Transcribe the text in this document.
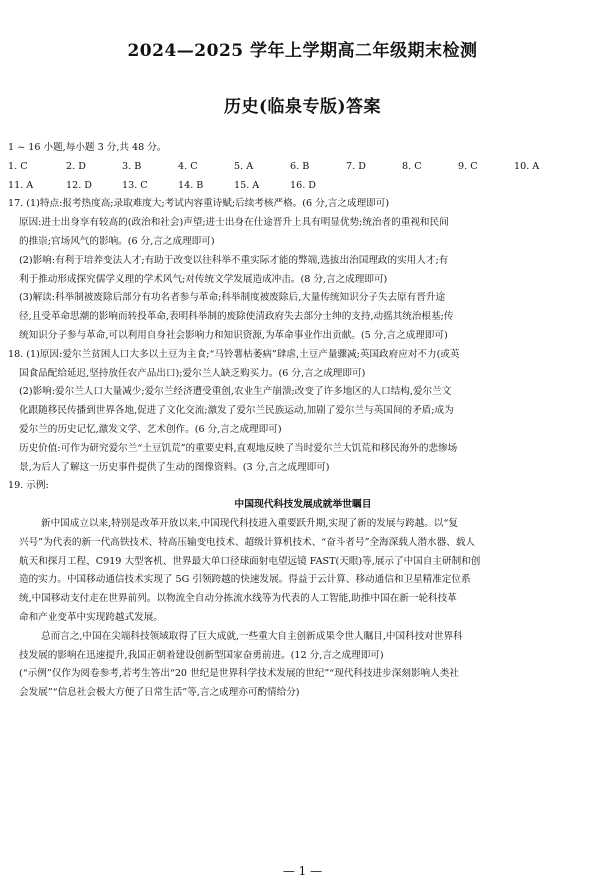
2024—2025 学年上学期高二年级期末检测
历史(临泉专版)答案

1 ~ 16 小题,每小题 3 分,共 48 分。

1. C	2. D	3. B	4. C	5. A	6. B	7. D	8. C	9. C	10. A
11. A	12. D	13. C	14. B	15. A	16. D

17. (1)特点:报考热度高;录取难度大;考试内容重诗赋;后续考核严格。(6 分,言之成理即可)

原因:进士出身享有较高的(政治和社会)声望;进士出身在仕途晋升上具有明显优势;统治者的重视和民间

的推崇;官场风气的影响。(6 分,言之成理即可)

(2)影响:有利于培养变法人才;有助于改变以往科举不重实际才能的弊端,选拔出治国理政的实用人才;有

利于推动形成探究儒学义理的学术风气;对传统文学发展造成冲击。(8 分,言之成理即可)

(3)解读:科举制被废除后部分有功名者参与革命;科举制度被废除后,大量传统知识分子失去原有晋升途

径,且受革命思潮的影响而转投革命,表明科举制的废除使清政府失去部分士绅的支持,动摇其统治根基;传

统知识分子参与革命,可以利用自身社会影响力和知识资源,为革命事业作出贡献。(5 分,言之成理即可)

18. (1)原因:爱尔兰贫困人口大多以土豆为主食;“马铃薯枯萎病”肆虐,土豆产量骤减;英国政府应对不力(或英

国食品配给延迟,坚持放任农产品出口);爱尔兰人缺乏购买力。(6 分,言之成理即可)

(2)影响:爱尔兰人口大量减少;爱尔兰经济遭受重创,农业生产崩溃;改变了许多地区的人口结构,爱尔兰文

化跟随移民传播到世界各地,促进了文化交流;激发了爱尔兰民族运动,加剧了爱尔兰与英国间的矛盾;成为

爱尔兰的历史记忆,激发文学、艺术创作。(6 分,言之成理即可)

历史价值:可作为研究爱尔兰“土豆饥荒”的重要史料,直观地反映了当时爱尔兰大饥荒和移民海外的悲惨场

景,为后人了解这一历史事件提供了生动的图像资料。(3 分,言之成理即可)

19. 示例:

中国现代科技发展成就举世瞩目

新中国成立以来,特别是改革开放以来,中国现代科技进入重要跃升期,实现了新的发展与跨越。以“复

兴号”为代表的新一代高铁技术、特高压输变电技术、超级计算机技术、“奋斗者号”全海深载人潜水器、载人

航天和探月工程、C919 大型客机、世界最大单口径球面射电望远镜 FAST(天眼)等,展示了中国自主研制和创

造的实力。中国移动通信技术实现了 5G 引领跨越的快速发展。得益于云计算、移动通信和卫星精准定位系

统,中国移动支付走在世界前列。以物流全自动分拣流水线等为代表的人工智能,助推中国在新一轮科技革

命和产业变革中实现跨越式发展。

总而言之,中国在尖端科技领域取得了巨大成就,一些重大自主创新成果令世人瞩目,中国科技对世界科

技发展的影响在迅速提升,我国正朝着建设创新型国家奋勇前进。(12 分,言之成理即可)

(“示例”仅作为阅卷参考,若考生答出“20 世纪是世界科学技术发展的世纪”“现代科技进步深刻影响人类社

会发展”“信息社会极大方便了日常生活”等,言之成理亦可酌情给分)

— 1 —
